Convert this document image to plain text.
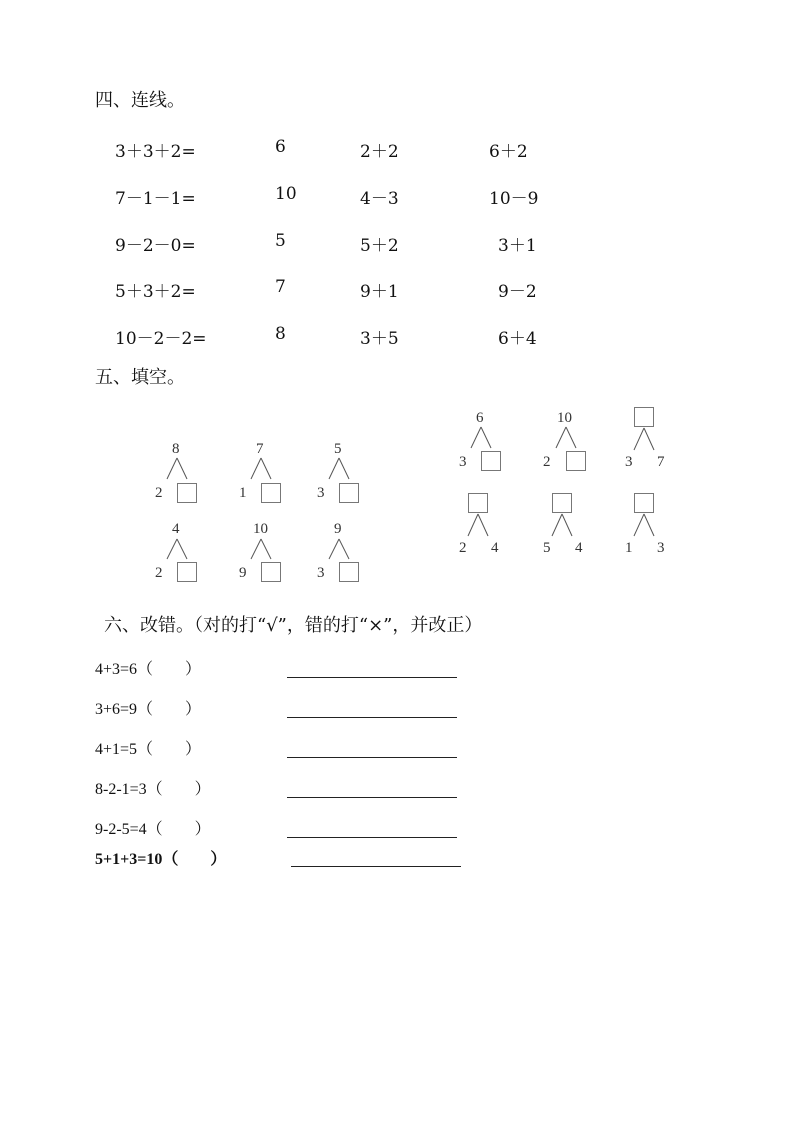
四、连线。
3＋3＋2=	6	2＋2	6＋2
7－1－1=	10	4－3	10－9
9－2－0=	5	5＋2	3＋1
5＋3＋2=	7	9＋1	9－2
10－2－2=	8	3＋5	6＋4
五、填空。
8
2
7
1
5
3
4
2
10
9
9
3
6
3
10
2	3 7
2 4	5 4	1 3
六、改错。（对的打“√”，错的打“×”，并改正）
4+3=6（　　）
3+6=9（　　）
4+1=5（　　）
8-2-1=3（　　）
9-2-5=4（　　）
5+1+3=10（　　）
